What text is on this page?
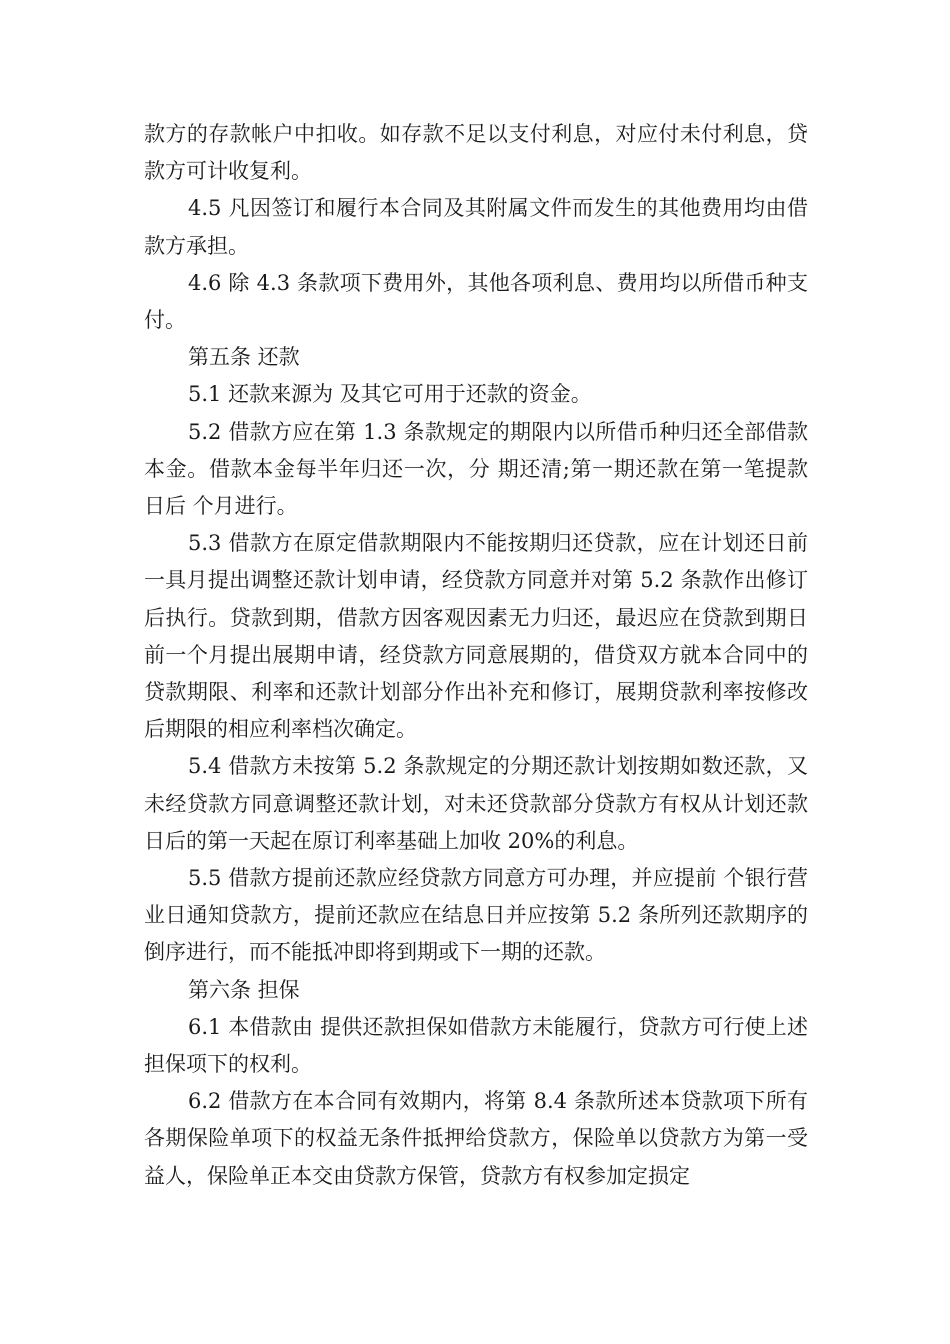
款方的存款帐户中扣收。如存款不足以支付利息，对应付未付利息，贷款方可计收复利。

4.5 凡因签订和履行本合同及其附属文件而发生的其他费用均由借款方承担。

4.6 除 4.3 条款项下费用外，其他各项利息、费用均以所借币种支付。

第五条 还款

5.1 还款来源为 及其它可用于还款的资金。

5.2 借款方应在第 1.3 条款规定的期限内以所借币种归还全部借款本金。借款本金每半年归还一次，分 期还清;第一期还款在第一笔提款日后 个月进行。

5.3 借款方在原定借款期限内不能按期归还贷款，应在计划还日前一具月提出调整还款计划申请，经贷款方同意并对第 5.2 条款作出修订后执行。贷款到期，借款方因客观因素无力归还，最迟应在贷款到期日前一个月提出展期申请，经贷款方同意展期的，借贷双方就本合同中的贷款期限、利率和还款计划部分作出补充和修订，展期贷款利率按修改后期限的相应利率档次确定。

5.4 借款方未按第 5.2 条款规定的分期还款计划按期如数还款，又未经贷款方同意调整还款计划，对未还贷款部分贷款方有权从计划还款日后的第一天起在原订利率基础上加收 20%的利息。

5.5 借款方提前还款应经贷款方同意方可办理，并应提前 个银行营业日通知贷款方，提前还款应在结息日并应按第 5.2 条所列还款期序的倒序进行，而不能抵冲即将到期或下一期的还款。

第六条 担保

6.1 本借款由 提供还款担保如借款方未能履行，贷款方可行使上述担保项下的权利。

6.2 借款方在本合同有效期内，将第 8.4 条款所述本贷款项下所有各期保险单项下的权益无条件抵押给贷款方，保险单以贷款方为第一受益人，保险单正本交由贷款方保管，贷款方有权参加定损定
